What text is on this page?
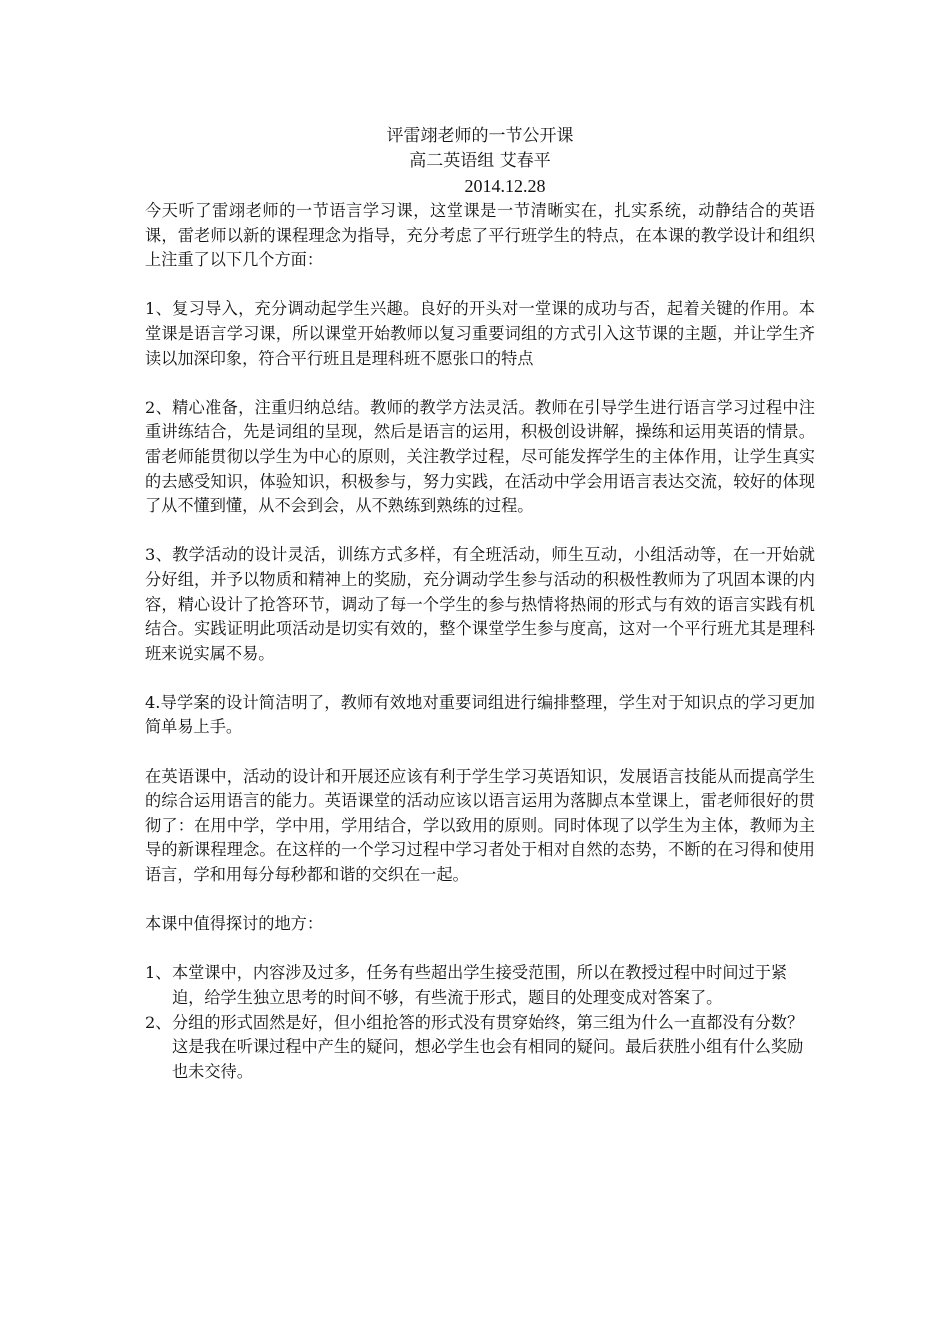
评雷翊老师的一节公开课
高二英语组 艾春平
2014.12.28

今天听了雷翊老师的一节语言学习课，这堂课是一节清晰实在，扎实系统，动静结合的英语课，雷老师以新的课程理念为指导，充分考虑了平行班学生的特点，在本课的教学设计和组织上注重了以下几个方面：

1、复习导入，充分调动起学生兴趣。良好的开头对一堂课的成功与否，起着关键的作用。本堂课是语言学习课，所以课堂开始教师以复习重要词组的方式引入这节课的主题，并让学生齐读以加深印象，符合平行班且是理科班不愿张口的特点

2、精心准备，注重归纳总结。教师的教学方法灵活。教师在引导学生进行语言学习过程中注重讲练结合，先是词组的呈现，然后是语言的运用，积极创设讲解，操练和运用英语的情景。雷老师能贯彻以学生为中心的原则，关注教学过程，尽可能发挥学生的主体作用，让学生真实的去感受知识，体验知识，积极参与，努力实践，在活动中学会用语言表达交流，较好的体现了从不懂到懂，从不会到会，从不熟练到熟练的过程。

3、教学活动的设计灵活，训练方式多样，有全班活动，师生互动，小组活动等，在一开始就分好组，并予以物质和精神上的奖励，充分调动学生参与活动的积极性教师为了巩固本课的内容，精心设计了抢答环节，调动了每一个学生的参与热情将热闹的形式与有效的语言实践有机结合。实践证明此项活动是切实有效的，整个课堂学生参与度高，这对一个平行班尤其是理科班来说实属不易。

4.导学案的设计简洁明了，教师有效地对重要词组进行编排整理，学生对于知识点的学习更加简单易上手。

在英语课中，活动的设计和开展还应该有利于学生学习英语知识，发展语言技能从而提高学生的综合运用语言的能力。英语课堂的活动应该以语言运用为落脚点本堂课上，雷老师很好的贯彻了：在用中学，学中用，学用结合，学以致用的原则。同时体现了以学生为主体，教师为主导的新课程理念。在这样的一个学习过程中学习者处于相对自然的态势，不断的在习得和使用语言，学和用每分每秒都和谐的交织在一起。

本课中值得探讨的地方：

1、 本堂课中，内容涉及过多，任务有些超出学生接受范围，所以在教授过程中时间过于紧迫，给学生独立思考的时间不够，有些流于形式，题目的处理变成对答案了。
2、 分组的形式固然是好，但小组抢答的形式没有贯穿始终，第三组为什么一直都没有分数？这是我在听课过程中产生的疑问，想必学生也会有相同的疑问。最后获胜小组有什么奖励也未交待。
